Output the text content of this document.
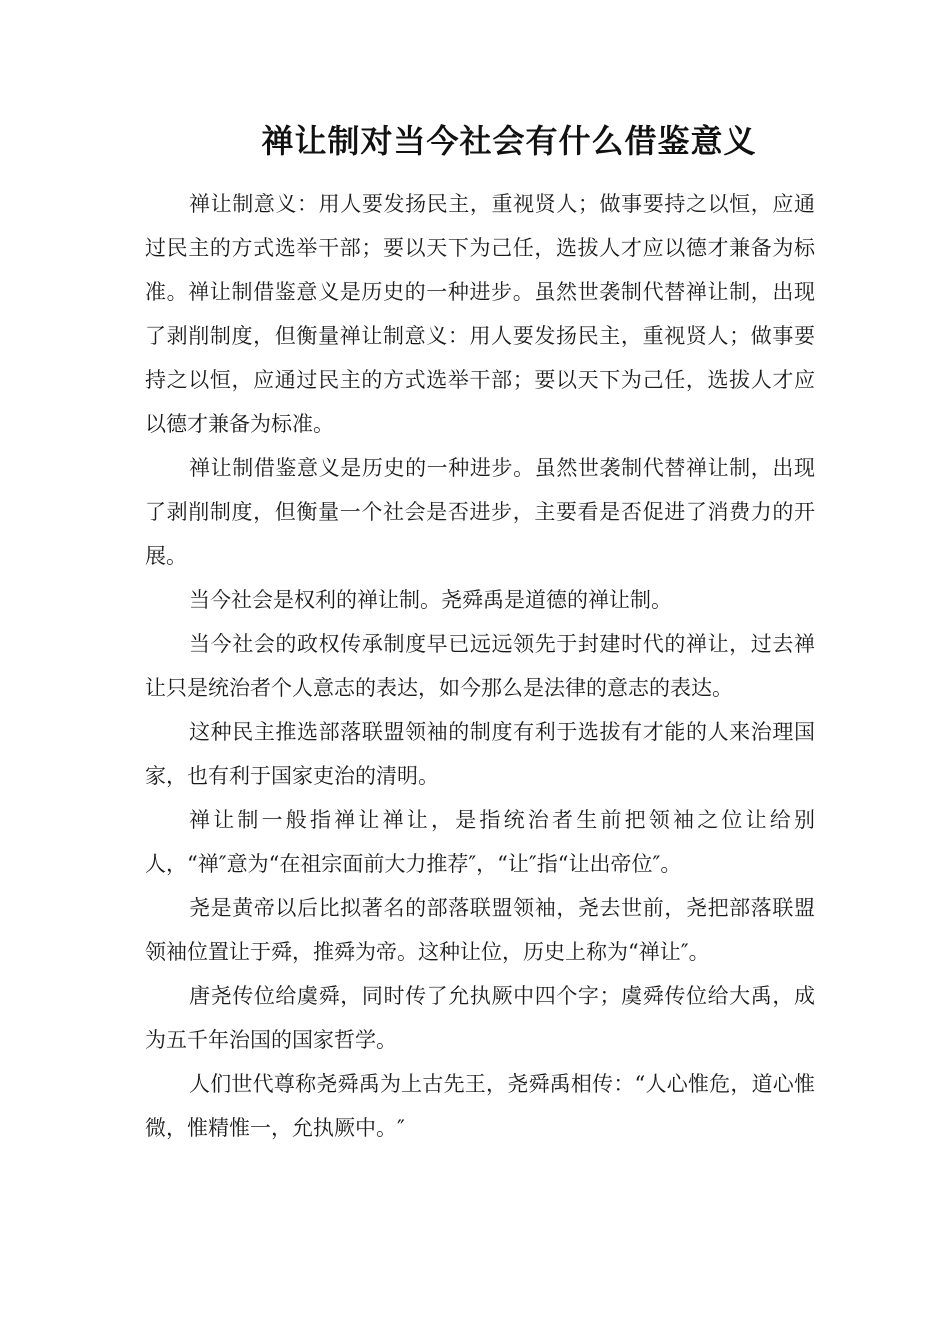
禅让制对当今社会有什么借鉴意义

禅让制意义：用人要发扬民主，重视贤人；做事要持之以恒，应通过民主的方式选举干部；要以天下为己任，选拔人才应以德才兼备为标准。禅让制借鉴意义是历史的一种进步。虽然世袭制代替禅让制，出现了剥削制度，但衡量禅让制意义：用人要发扬民主，重视贤人；做事要持之以恒，应通过民主的方式选举干部；要以天下为己任，选拔人才应以德才兼备为标准。

禅让制借鉴意义是历史的一种进步。虽然世袭制代替禅让制，出现了剥削制度，但衡量一个社会是否进步，主要看是否促进了消费力的开展。

当今社会是权利的禅让制。尧舜禹是道德的禅让制。

当今社会的政权传承制度早已远远领先于封建时代的禅让，过去禅让只是统治者个人意志的表达，如今那么是法律的意志的表达。

这种民主推选部落联盟领袖的制度有利于选拔有才能的人来治理国家，也有利于国家吏治的清明。

禅让制一般指禅让禅让，是指统治者生前把领袖之位让给别人，“禅″意为“在祖宗面前大力推荐″，“让″指“让出帝位″。

尧是黄帝以后比拟著名的部落联盟领袖，尧去世前，尧把部落联盟领袖位置让于舜，推舜为帝。这种让位，历史上称为“禅让″。

唐尧传位给虞舜，同时传了允执厥中四个字；虞舜传位给大禹，成为五千年治国的国家哲学。

人们世代尊称尧舜禹为上古先王，尧舜禹相传：“人心惟危，道心惟微，惟精惟一，允执厥中。″
